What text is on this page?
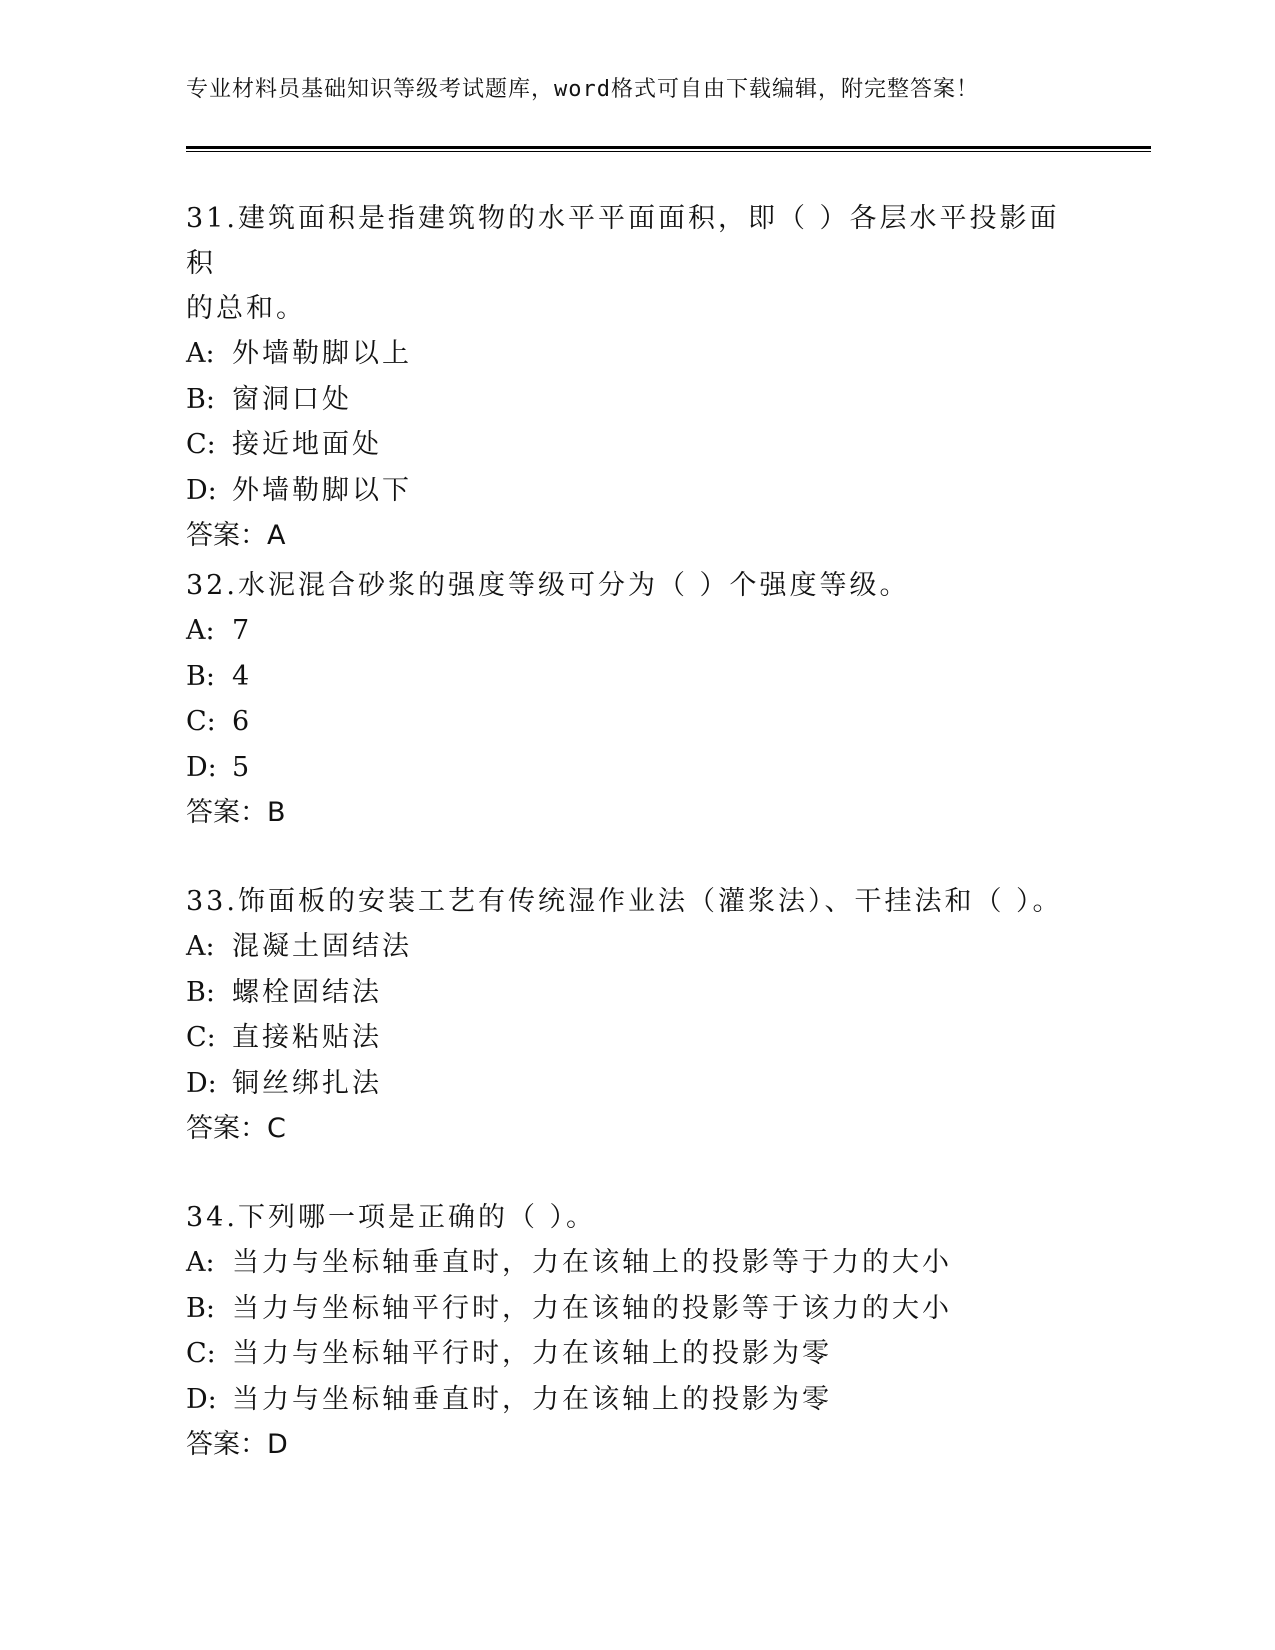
专业材料员基础知识等级考试题库，word格式可自由下载编辑，附完整答案！

31.建筑面积是指建筑物的水平平面面积，即（ ）各层水平投影面积
的总和。

A: 外墙勒脚以上

B: 窗洞口处

C: 接近地面处

D: 外墙勒脚以下

答案：A

32.水泥混合砂浆的强度等级可分为（ ）个强度等级。

A: 7

B: 4

C: 6

D: 5

答案：B

33.饰面板的安装工艺有传统湿作业法（灌浆法）、干挂法和（ ）。

A: 混凝土固结法

B: 螺栓固结法

C: 直接粘贴法

D: 铜丝绑扎法

答案：C

34.下列哪一项是正确的（ ）。

A: 当力与坐标轴垂直时，力在该轴上的投影等于力的大小

B: 当力与坐标轴平行时，力在该轴的投影等于该力的大小

C: 当力与坐标轴平行时，力在该轴上的投影为零

D: 当力与坐标轴垂直时，力在该轴上的投影为零

答案：D
